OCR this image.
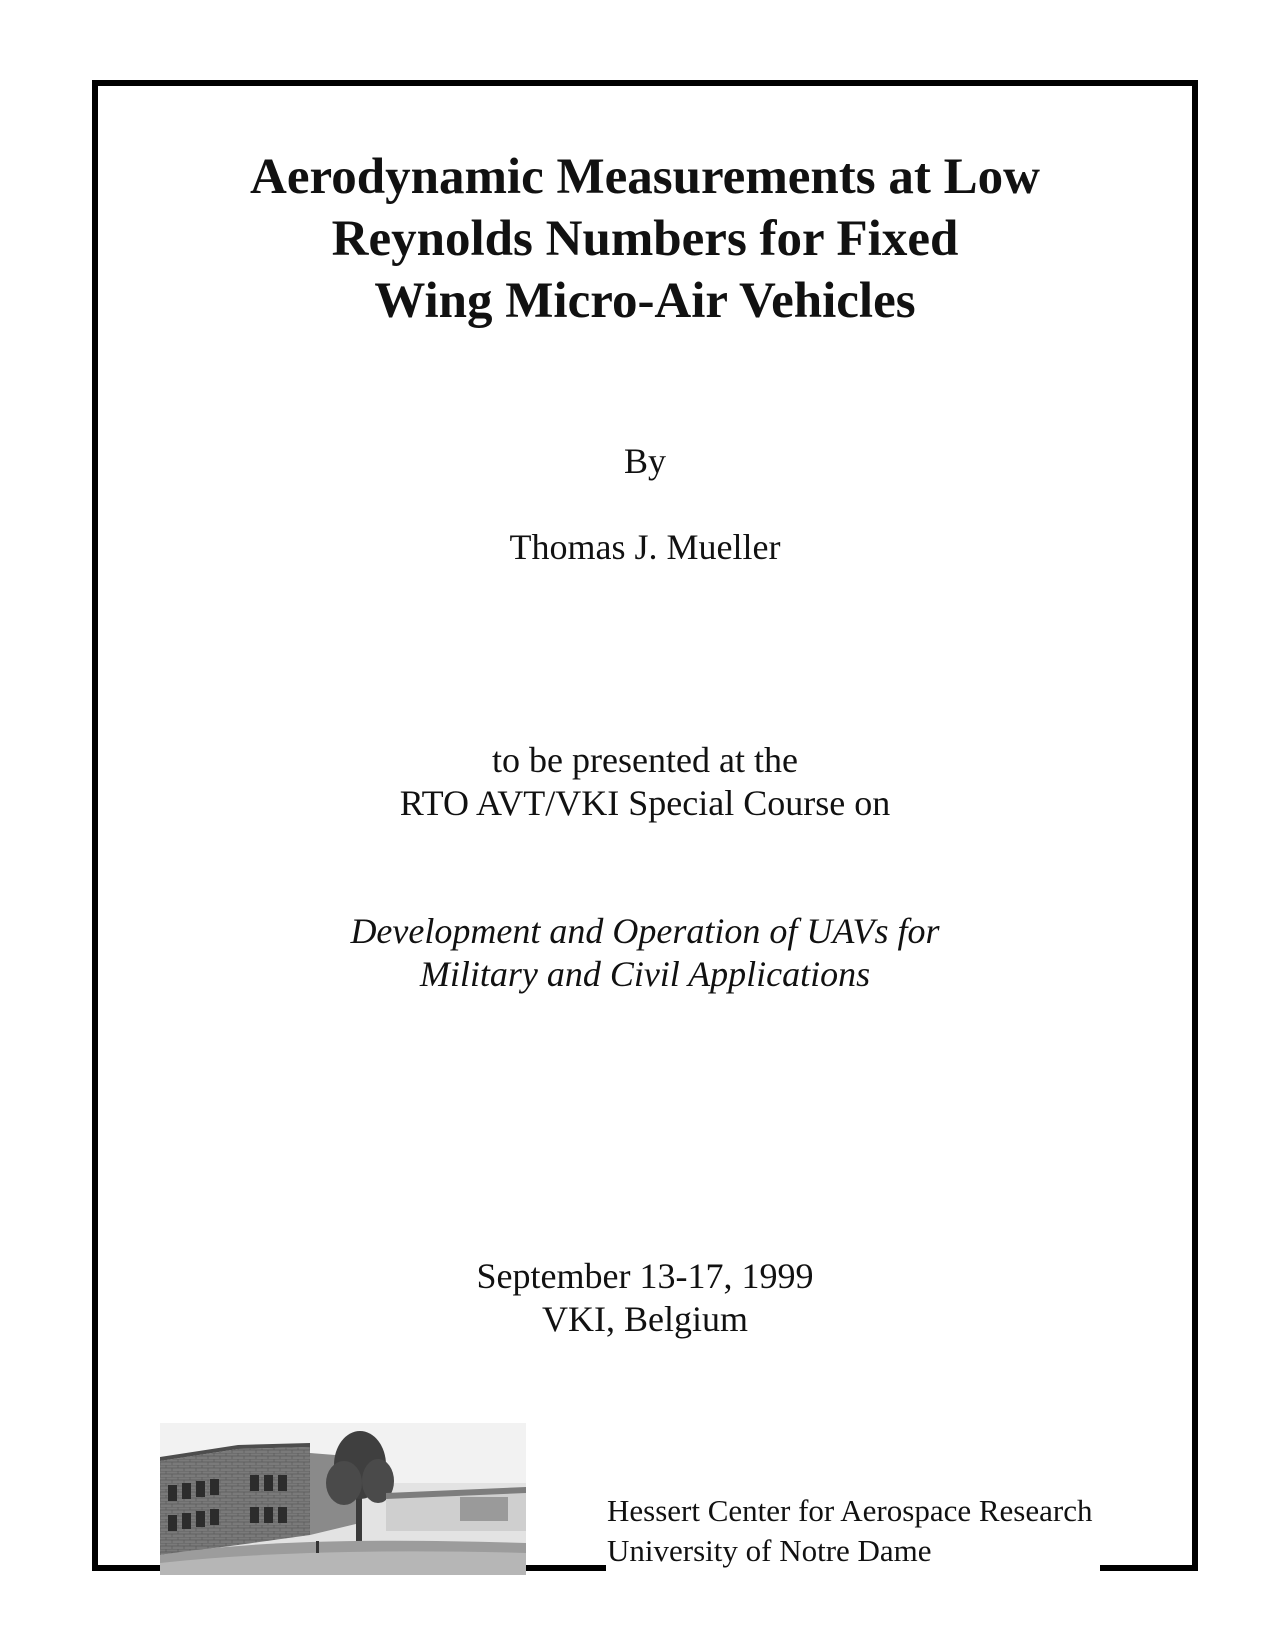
Aerodynamic Measurements at Low
Reynolds Numbers for Fixed
Wing Micro-Air Vehicles
By
Thomas J. Mueller
to be presented at the
RTO AVT/VKI Special Course on
Development and Operation of UAVs for
Military and Civil Applications
September 13-17, 1999
VKI, Belgium
Hessert Center for Aerospace Research
University of Notre Dame
